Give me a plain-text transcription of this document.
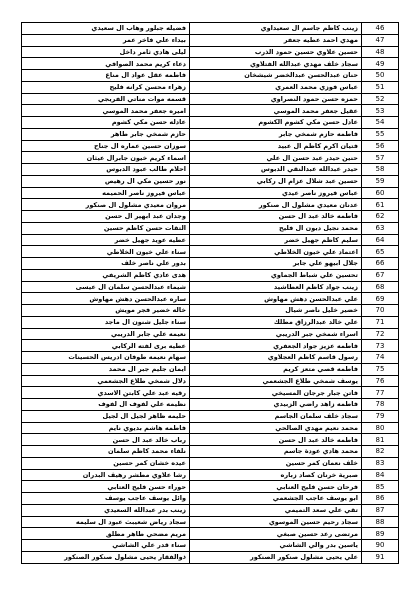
فضيله جبلور وهاب ال سعيدي	زينب كاظم جاسم ال سعيداوي	46
بيداء علي فاخر عمر	مهدي احمد عطيه جعفر	47
ليلى هادي ثامر داخل	حسين علاوي حسين حمود الذرب	48
دعاء كريم محمد الصوافي	سجاد خلف مهدي عبدالله الفتلاوي	49
فاطمه عقل عواد ال مناع	حنان عبدالحسن عبدالخضر شيشخان	50
زهراء محسن كرانه فليح	عباس فوزي محمد العمري	51
قسمه موات مناتي الفريجي	حمزه حسن حمود النصراوي	52
اميره جعفر محمد الموسي	عقيل جعفر محمد الموسي	53
عادله حسن مكي كشوم	عادل حسن مكي كشوم الكشوم	54
حازم شمخي جابر طاهر	فاطمه حازم شمخي جابر	55
سوزان حسين عماره ال جناح	فتيان اكرم كاظم ال عبيد	56
اسماء كريم خيون جابرال عيثان	حنين حيدر عبد حسن ال علي	57
احلام طالب عبود الدبوس	حيدر عبدالله عبدالنقي الدبوس	58
نور حسين مكي ال رهيص	حسين عبد شلال عزام ال ركابي	59
عباس فيروز ناصر الحميمه	عباس فيروز ناصر عيدي	60
مروان معيدي مشلول ال صنكور	عدنان معيدي مشلول ال صنكور	61
وجدان عبد ابهير ال حسن	فاطمه خالد عبد ال حسن	62
التقات حسن كاظم حسين	محمد نجيل ديون ال فليح	63
عطيه عويد جهيل خضر	سليم كاظم جهيل خضر	64
سناء علي خيون الخلاطي	اعتماد علي خيون الخلاطي	65
بدور علي ناصر خلف	جلال ابيهو علي جابر	66
هدى عادي كاظم الشريفي	تحسين علي شباط الجماوي	67
شيماء عبدالحسن سلمان ال عيسى	زينب جواد كاظم العطاشيد	68
ساره عبدالحسن دهش مهاوش	علي عبدالحسن دهش مهاوش	69
خاله خضير فجر مويش	خضير خليل ناصر شيال	70
سناء جليل شنون ال ماجد	علي خالد عبدالرزاق مطلك	71
نعيمه علي جابر الدريبي	اسراء شمخي جبر الدريبي	72
عطيه برى لفته الركابي	فاطمه عزيز جواد الجعفري	73
سهام نعيمه طوفان ادريس الحسينات	رسول قاسم كاظم العجلاوي	74
ايمان جليم جبر ال محمد	فاطمه قصي متعز كريم	75
دلال شمخي طلاع الجشعمي	يوسف شمخي طلاع الجشعمي	76
رقيه عبد علي كابتن الاسدي	فاتن جبار جرجان المسيخي	77
نظيمه علي لفوف ال لفوف	فاطمه زاهد راضي الزبيدي	78
حليمه ظاهر لجيل ال لجيل	سجاد خلف سلمان الجاسم	79
فاطمه هاشم بديوي نايم	محمد نعيم مهدي الصالحي	80
رباب خالد عبد ال حسن	فاطمه خالد عبد ال حسن	81
نلفاء محمد كاظم سلمان	محمد هادي عودة جاسم	82
عيده خشان كمر حسين	خلف نعمان كمر حسين	83
رشا علاوي مطشر رهيف البدران	صبرية خرنان كصاد زباره	84
حوراء حسن فليح العتابي	فرحان حسن فليح العنابي	85
وائل يوسف عاجب يوسف	ابو يوسف عاجب الجشعمي	86
زينب بدر عبدالله السعيدي	تقي علي سعد التميمي	87
سجاد رياض شعيبث عبود ال سليمه	سجاد رحيم حسين الموسوي	88
مريم مضحي طاهر مطلق	مرتضى رعد حسين صبغي	89
سناء قدر علي الشاشي	ياسين بدر والي الشاشي	90
ذوالفقار يحيى مشلول صنكور الصنكور	علي يحيى مشلول صنكور الصنكور	91
